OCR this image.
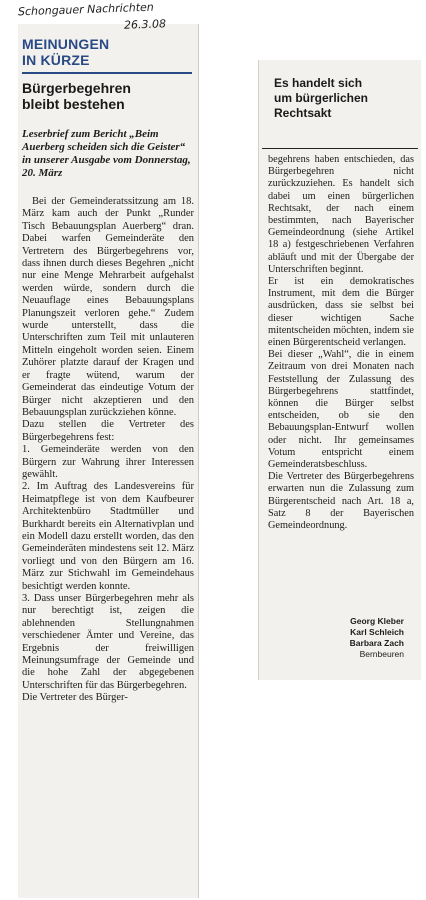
Schongauer Nachrichten
26.3.08
MEINUNGEN
IN KÜRZE
Bürgerbegehren
bleibt bestehen
Leserbrief zum Bericht „Beim Auerberg scheiden sich die Geister“ in unserer Ausgabe vom Donnerstag, 20. März

Bei der Gemeinderatssitzung am 18. März kam auch der Punkt „Runder Tisch Bebauungsplan Auerberg“ dran. Dabei warfen Gemeinderäte den Vertretern des Bürgerbegehrens vor, dass ihnen durch dieses Begehren „nicht nur eine Menge Mehrarbeit aufgehalst werden würde, sondern durch die Neuauflage eines Bebauungsplans Planungszeit verloren gehe.“ Zudem wurde unterstellt, dass die Unterschriften zum Teil mit unlauteren Mitteln eingeholt worden seien. Einem Zuhörer platzte darauf der Kragen und er fragte wütend, warum der Gemeinderat das eindeutige Votum der Bürger nicht akzeptieren und den Bebauungsplan zurückziehen könne.

Dazu stellen die Vertreter des Bürgerbegehrens fest:

1. Gemeinderäte werden von den Bürgern zur Wahrung ihrer Interessen gewählt.

2. Im Auftrag des Landesvereins für Heimatpflege ist von dem Kaufbeurer Architektenbüro Stadtmüller und Burkhardt bereits ein Alternativplan und ein Modell dazu erstellt worden, das den Gemeinderäten mindestens seit 12. März vorliegt und von den Bürgern am 16. März zur Stichwahl im Gemeindehaus besichtigt werden konnte.

3. Dass unser Bürgerbegehren mehr als nur berechtigt ist, zeigen die ablehnenden Stellungnahmen verschiedener Ämter und Vereine, das Ergebnis der freiwilligen Meinungsumfrage der Gemeinde und die hohe Zahl der abgegebenen Unterschriften für das Bürgerbegehren.

Die Vertreter des Bürger-

Es handelt sich
um bürgerlichen
Rechtsakt

begehrens haben entschieden, das Bürgerbegehren nicht zurückzuziehen. Es handelt sich dabei um einen bürgerlichen Rechtsakt, der nach einem bestimmten, nach Bayerischer Gemeindeordnung (siehe Artikel 18 a) festgeschriebenen Verfahren abläuft und mit der Übergabe der Unterschriften beginnt.

Er ist ein demokratisches Instrument, mit dem die Bürger ausdrücken, dass sie selbst bei dieser wichtigen Sache mitentscheiden möchten, indem sie einen Bürgerentscheid verlangen.

Bei dieser „Wahl“, die in einem Zeitraum von drei Monaten nach Feststellung der Zulassung des Bürgerbegehrens stattfindet, können die Bürger selbst entscheiden, ob sie den Bebauungsplan-Entwurf wollen oder nicht. Ihr gemeinsames Votum entspricht einem Gemeinderatsbeschluss.

Die Vertreter des Bürgerbegehrens erwarten nun die Zulassung zum Bürgerentscheid nach Art. 18 a, Satz 8 der Bayerischen Gemeindeordnung.

Georg Kleber
Karl Schleich
Barbara Zach
Bernbeuren
